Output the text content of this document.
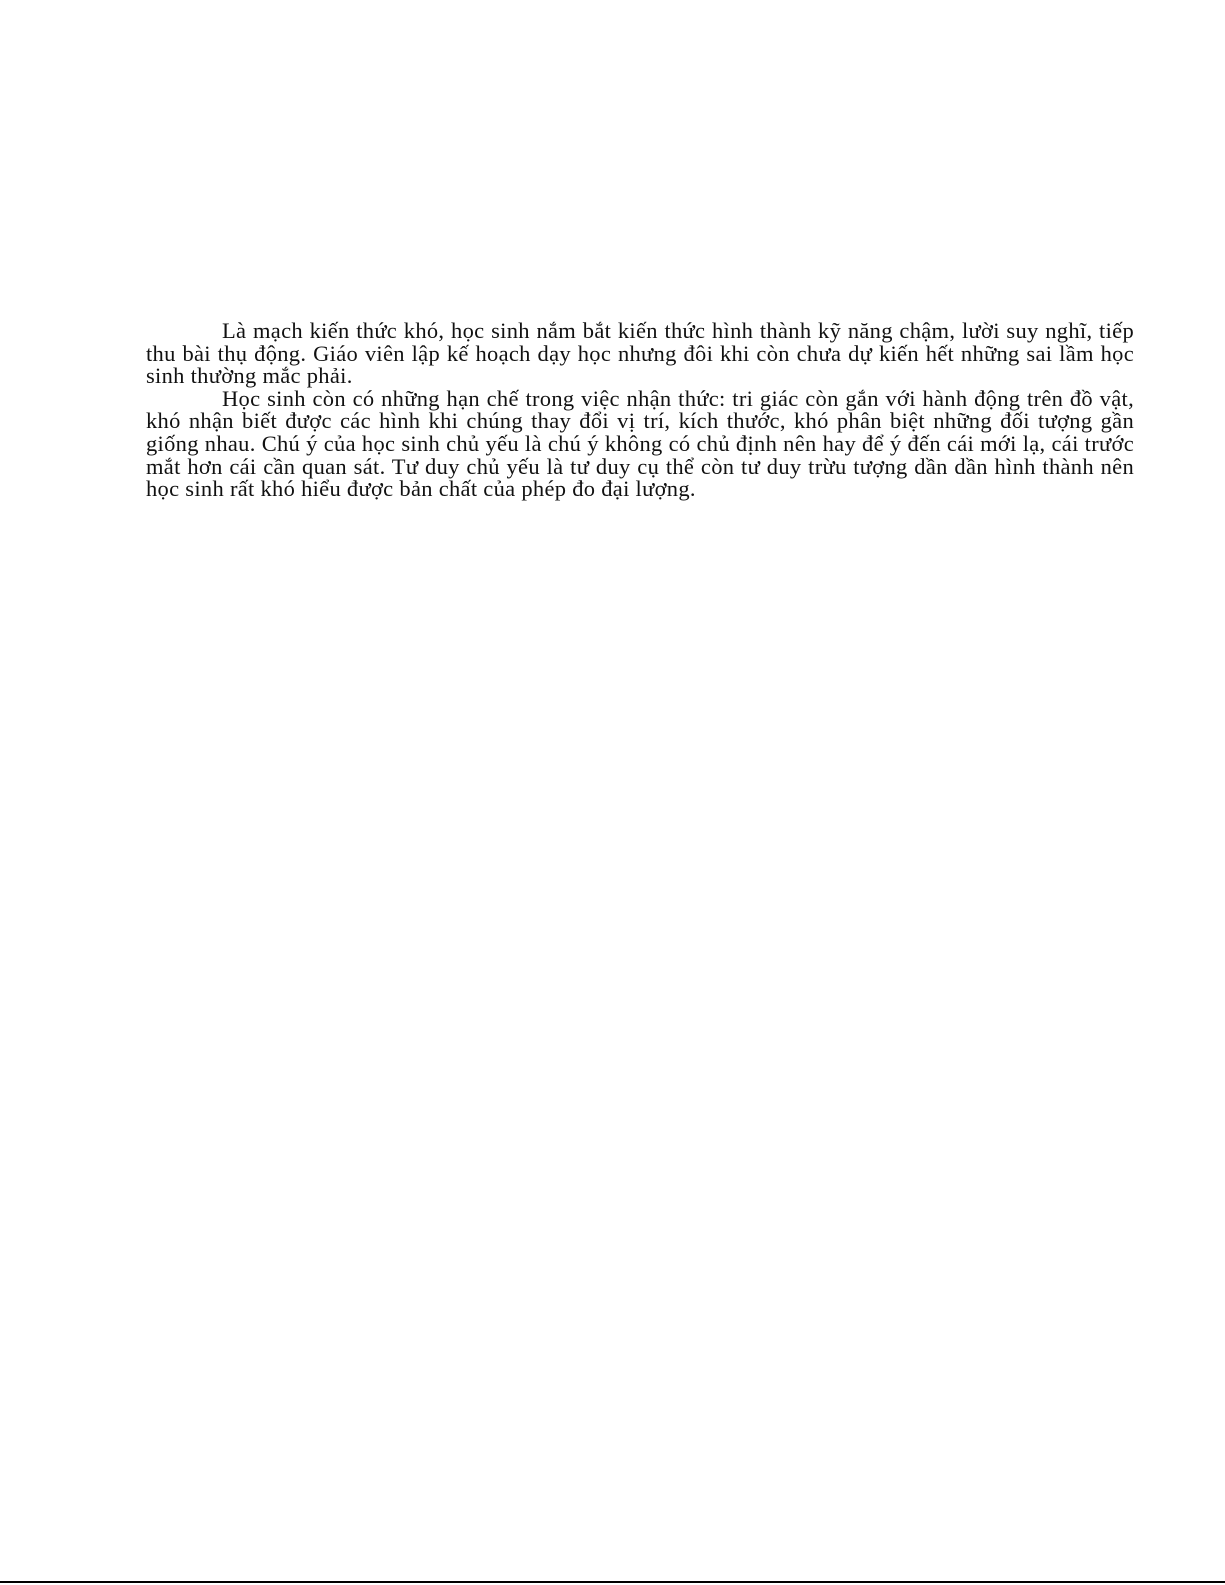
Là mạch kiến thức khó, học sinh nắm bắt kiến thức hình thành kỹ năng chậm, lười suy nghĩ, tiếp thu bài thụ động. Giáo viên lập kế hoạch dạy học nhưng đôi khi còn chưa dự kiến hết những sai lầm học sinh thường mắc phải.

Học sinh còn có những hạn chế trong việc nhận thức: tri giác còn gắn với hành động trên đồ vật, khó nhận biết được các hình khi chúng thay đổi vị trí, kích thước, khó phân biệt những đối tượng gần giống nhau. Chú ý của học sinh chủ yếu là chú ý không có chủ định nên hay để ý đến cái mới lạ, cái trước mắt hơn cái cần quan sát. Tư duy chủ yếu là tư duy cụ thể còn tư duy trừu tượng dần dần hình thành nên học sinh rất khó hiểu được bản chất của phép đo đại lượng.
